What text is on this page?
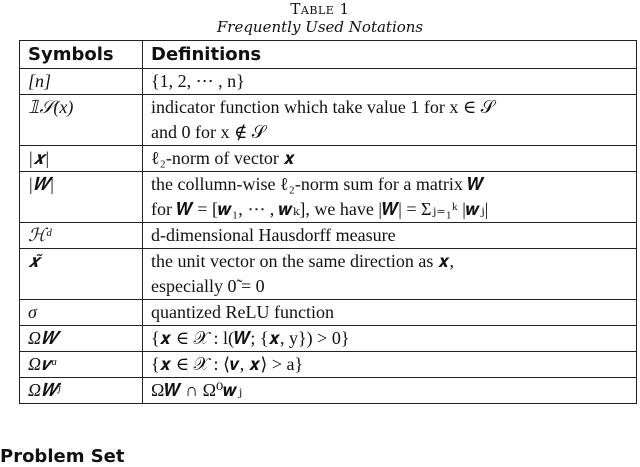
Table 1
Frequently Used Notations
Symbols	Definitions
[n]	{1, 2, ⋯ , n}

𝟙𝒮(x)	indicator function which take value 1 for x ∈ 𝒮
and 0 for x ∉ 𝒮

|𝒙|	ℓ₂-norm of vector 𝒙

|𝑾|	the collumn-wise ℓ₂-norm sum for a matrix 𝑾
for 𝑾 = [𝒘₁, ⋯ , 𝒘ₖ], we have |𝑾| = Σⱼ₌₁ᵏ |𝒘ⱼ|

ℋᵈ	d-dimensional Hausdorff measure

𝒙̃	the unit vector on the same direction as 𝒙,
especially 0̃ = 0

σ	quantized ReLU function

Ω𝑾	{𝒙 ∈ 𝒳 : l(𝑾; {𝒙, y}) > 0}

Ω𝒗ᵃ	{𝒙 ∈ 𝒳 : ⟨𝒗, 𝒙⟩ > a}

Ω𝑾ʲ	Ω𝑾 ∩ Ω⁰𝒘ⱼ
Problem Set
